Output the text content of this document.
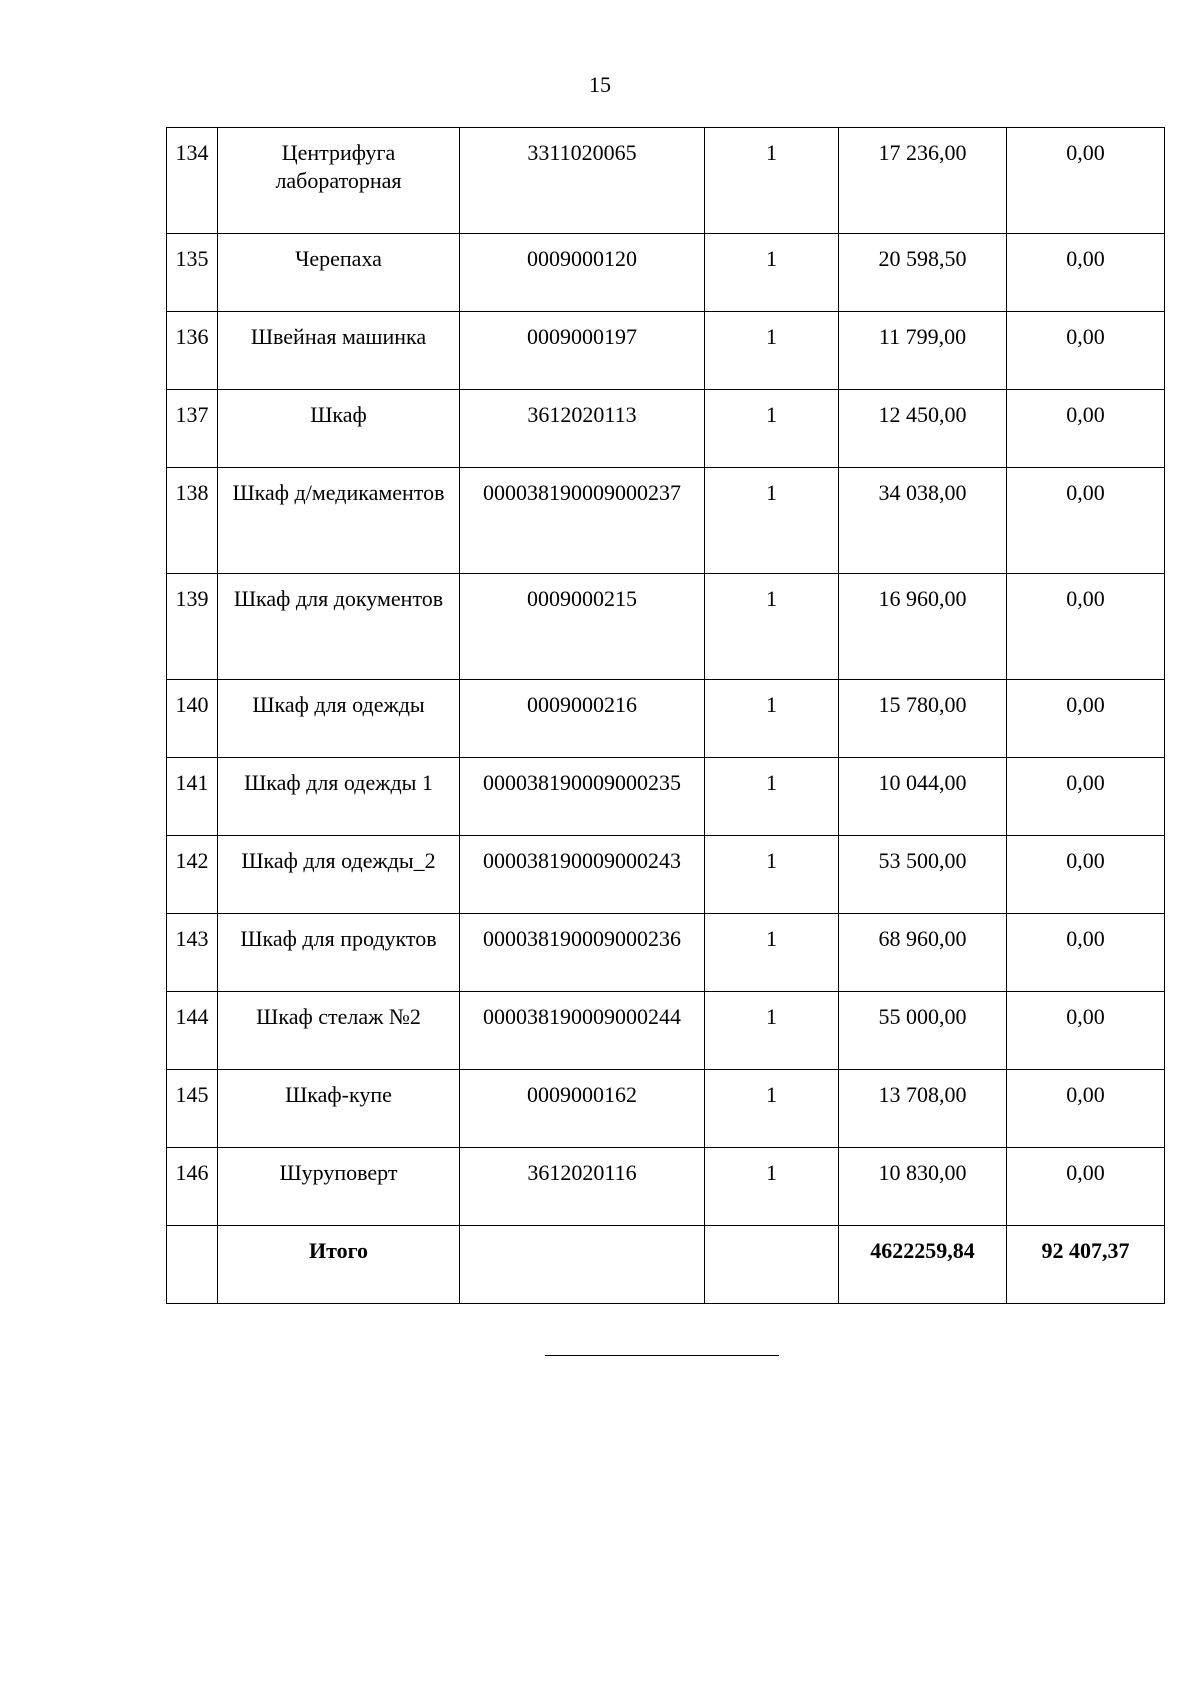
15
134	Центрифуга лабораторная	3311020065	1	17 236,00	0,00
135	Черепаха	0009000120	1	20 598,50	0,00
136	Швейная машинка	0009000197	1	11 799,00	0,00
137	Шкаф	3612020113	1	12 450,00	0,00
138	Шкаф д/медикаментов	000038190009000237	1	34 038,00	0,00
139	Шкаф для документов	0009000215	1	16 960,00	0,00
140	Шкаф для одежды	0009000216	1	15 780,00	0,00
141	Шкаф для одежды 1	000038190009000235	1	10 044,00	0,00
142	Шкаф для одежды_2	000038190009000243	1	53 500,00	0,00
143	Шкаф для продуктов	000038190009000236	1	68 960,00	0,00
144	Шкаф стелаж №2	000038190009000244	1	55 000,00	0,00
145	Шкаф-купе	0009000162	1	13 708,00	0,00
146	Шуруповерт	3612020116	1	10 830,00	0,00
	Итого			4622259,84	92 407,37
